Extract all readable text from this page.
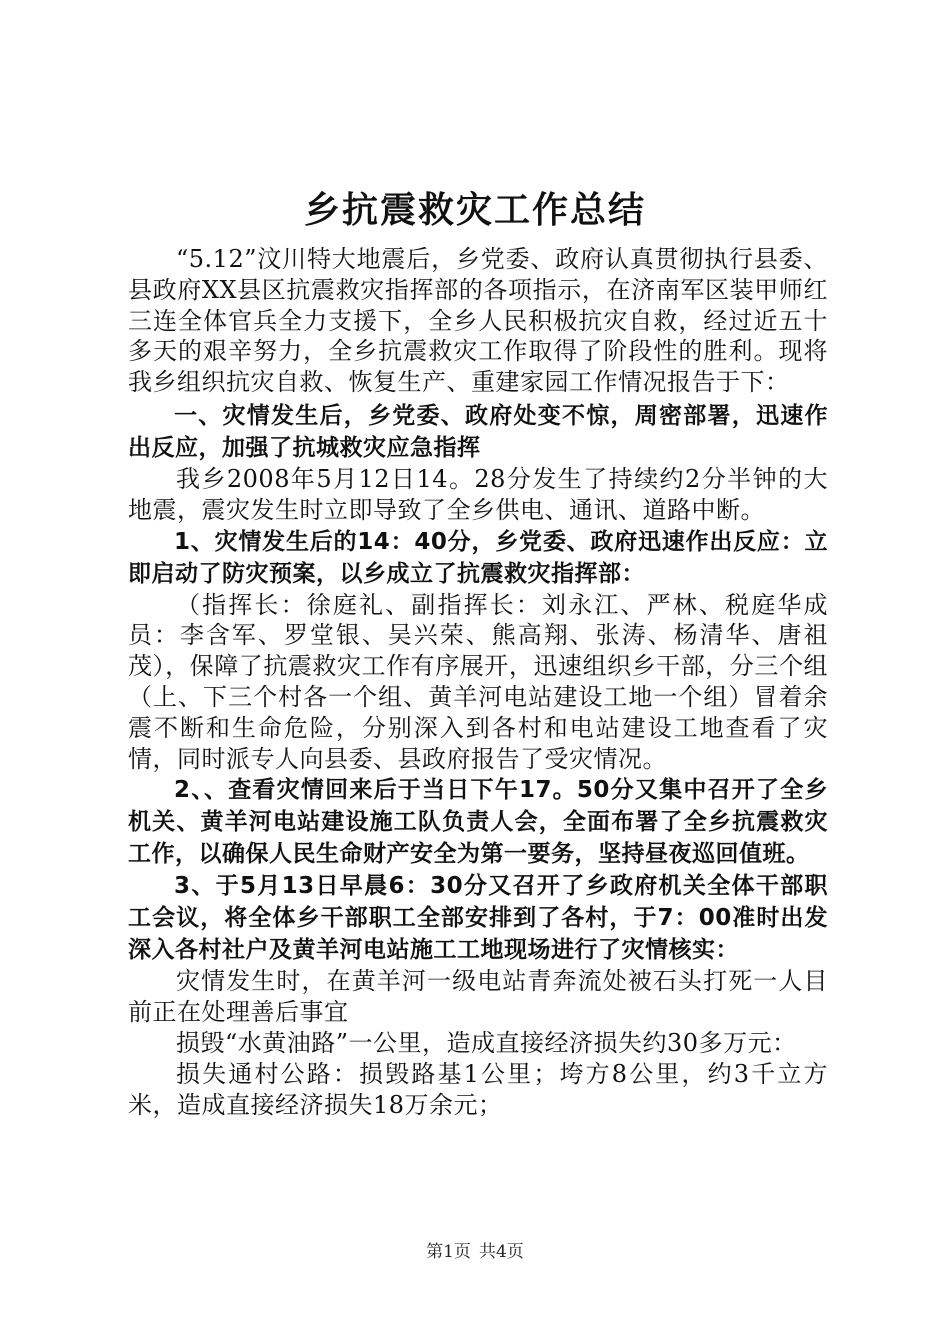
乡抗震救灾工作总结

“5.12”汶川特大地震后，乡党委、政府认真贯彻执行县委、县政府XX县区抗震救灾指挥部的各项指示，在济南军区装甲师红三连全体官兵全力支援下，全乡人民积极抗灾自救，经过近五十多天的艰辛努力，全乡抗震救灾工作取得了阶段性的胜利。现将我乡组织抗灾自救、恢复生产、重建家园工作情况报告于下：

一、灾情发生后，乡党委、政府处变不惊，周密部署，迅速作出反应，加强了抗城救灾应急指挥

我乡2008年5月12日14。28分发生了持续约2分半钟的大地震，震灾发生时立即导致了全乡供电、通讯、道路中断。

1、灾情发生后的14：40分，乡党委、政府迅速作出反应：立即启动了防灾预案，以乡成立了抗震救灾指挥部：

（指挥长：徐庭礼、副指挥长：刘永江、严林、税庭华成员：李含军、罗堂银、吴兴荣、熊高翔、张涛、杨清华、唐祖茂），保障了抗震救灾工作有序展开，迅速组织乡干部，分三个组（上、下三个村各一个组、黄羊河电站建设工地一个组）冒着余震不断和生命危险，分别深入到各村和电站建设工地查看了灾情，同时派专人向县委、县政府报告了受灾情况。

2、、查看灾情回来后于当日下午17。50分又集中召开了全乡机关、黄羊河电站建设施工队负责人会，全面布署了全乡抗震救灾工作，以确保人民生命财产安全为第一要务，坚持昼夜巡回值班。

3、于5月13日早晨6：30分又召开了乡政府机关全体干部职工会议，将全体乡干部职工全部安排到了各村，于7：00准时出发深入各村社户及黄羊河电站施工工地现场进行了灾情核实：

灾情发生时，在黄羊河一级电站青奔流处被石头打死一人目前正在处理善后事宜

损毁“水黄油路”一公里，造成直接经济损失约30多万元：

损失通村公路：损毁路基1公里；垮方8公里，约3千立方米，造成直接经济损失18万余元；

第1页 共4页
